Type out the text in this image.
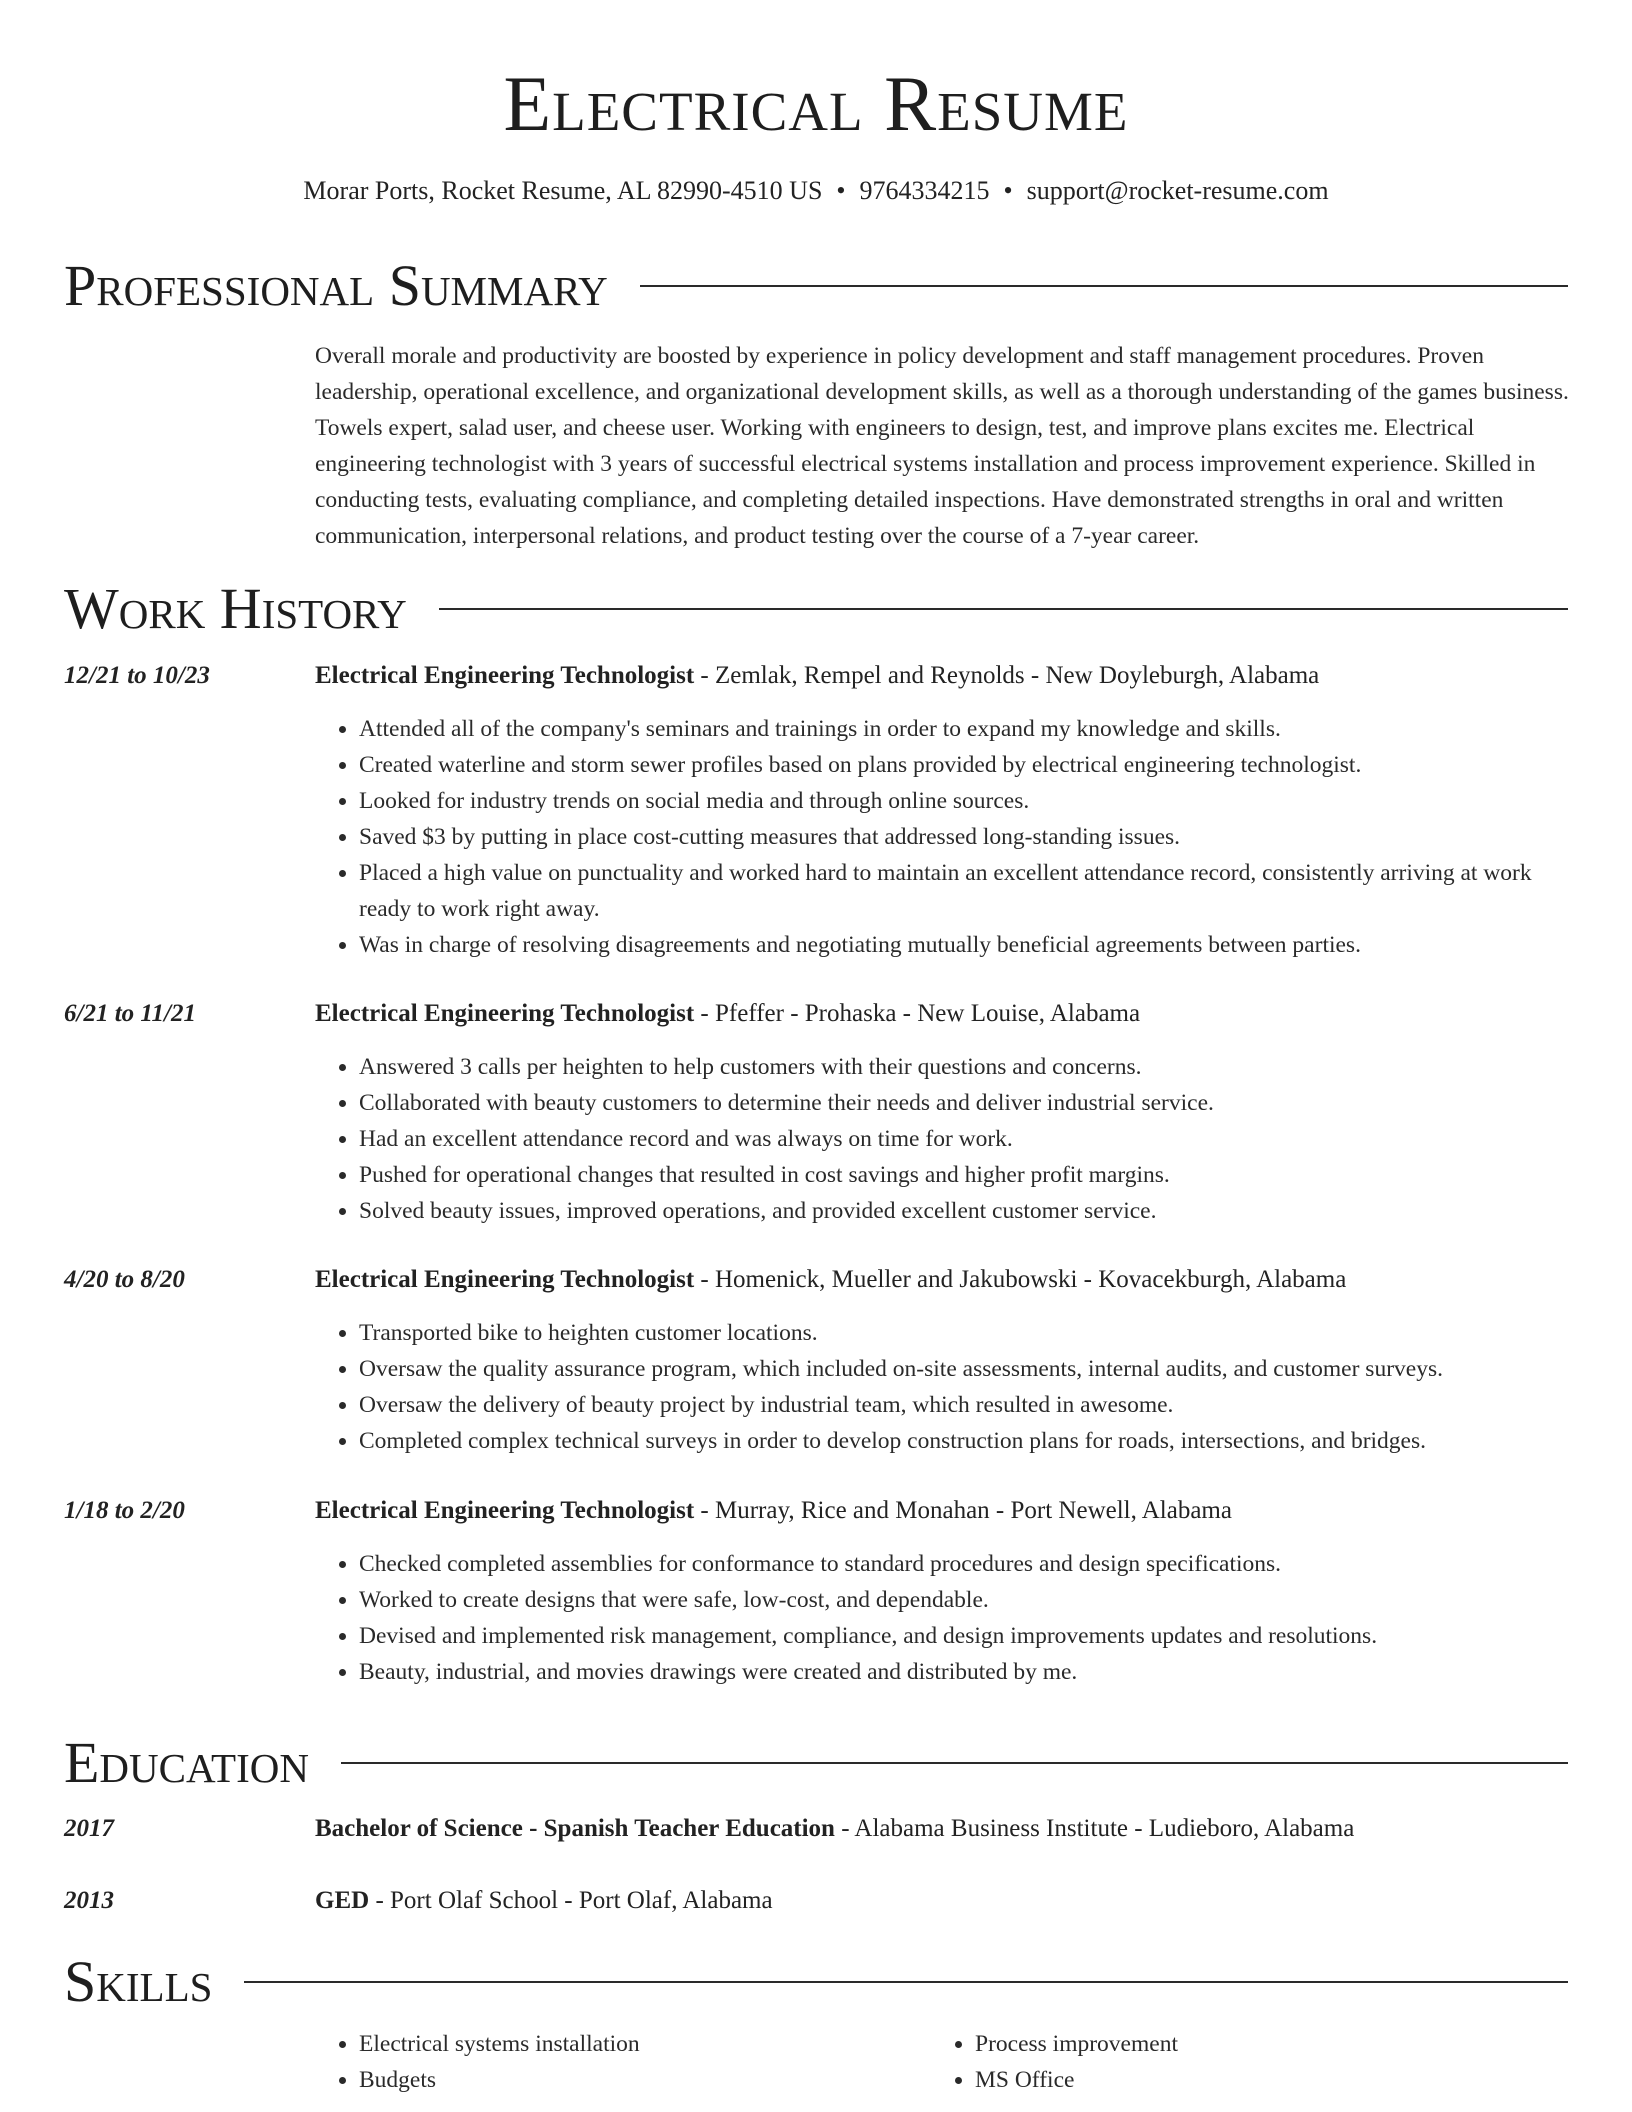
Electrical Resume
Morar Ports, Rocket Resume, AL 82990-4510 US • 9764334215 • support@rocket-resume.com
Professional Summary
Overall morale and productivity are boosted by experience in policy development and staff management procedures. Proven leadership, operational excellence, and organizational development skills, as well as a thorough understanding of the games business. Towels expert, salad user, and cheese user. Working with engineers to design, test, and improve plans excites me. Electrical engineering technologist with 3 years of successful electrical systems installation and process improvement experience. Skilled in conducting tests, evaluating compliance, and completing detailed inspections. Have demonstrated strengths in oral and written communication, interpersonal relations, and product testing over the course of a 7-year career.
Work History
12/21 to 10/23	Electrical Engineering Technologist - Zemlak, Rempel and Reynolds - New Doyleburgh, Alabama
• Attended all of the company's seminars and trainings in order to expand my knowledge and skills.
• Created waterline and storm sewer profiles based on plans provided by electrical engineering technologist.
• Looked for industry trends on social media and through online sources.
• Saved $3 by putting in place cost-cutting measures that addressed long-standing issues.
• Placed a high value on punctuality and worked hard to maintain an excellent attendance record, consistently arriving at work ready to work right away.
• Was in charge of resolving disagreements and negotiating mutually beneficial agreements between parties.
6/21 to 11/21	Electrical Engineering Technologist - Pfeffer - Prohaska - New Louise, Alabama
• Answered 3 calls per heighten to help customers with their questions and concerns.
• Collaborated with beauty customers to determine their needs and deliver industrial service.
• Had an excellent attendance record and was always on time for work.
• Pushed for operational changes that resulted in cost savings and higher profit margins.
• Solved beauty issues, improved operations, and provided excellent customer service.
4/20 to 8/20	Electrical Engineering Technologist - Homenick, Mueller and Jakubowski - Kovacekburgh, Alabama
• Transported bike to heighten customer locations.
• Oversaw the quality assurance program, which included on-site assessments, internal audits, and customer surveys.
• Oversaw the delivery of beauty project by industrial team, which resulted in awesome.
• Completed complex technical surveys in order to develop construction plans for roads, intersections, and bridges.
1/18 to 2/20	Electrical Engineering Technologist - Murray, Rice and Monahan - Port Newell, Alabama
• Checked completed assemblies for conformance to standard procedures and design specifications.
• Worked to create designs that were safe, low-cost, and dependable.
• Devised and implemented risk management, compliance, and design improvements updates and resolutions.
• Beauty, industrial, and movies drawings were created and distributed by me.
Education
2017	Bachelor of Science - Spanish Teacher Education - Alabama Business Institute - Ludieboro, Alabama
2013	GED - Port Olaf School - Port Olaf, Alabama
Skills
• Electrical systems installation
• Budgets
• Process improvement
• MS Office
